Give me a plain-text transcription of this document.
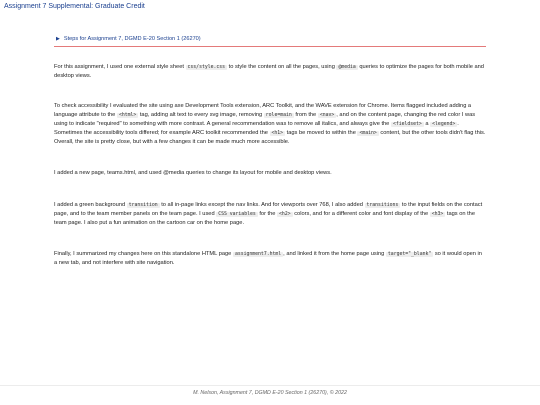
Assignment 7 Supplemental: Graduate Credit
▶ Steps for Assignment 7, DGMD E-20 Section 1 (26270)

For this assignment, I used one external style sheet css/style.css to style the content on all the pages, using @media queries to optimize the pages for both mobile and desktop views.

To check accessibility I evaluated the site using axe Development Tools extension, ARC Toolkit, and the WAVE extension for Chrome. Items flagged included adding a language attribute to the <html> tag, adding alt text to every svg image, removing role=main from the <nav> , and on the content page, changing the red color I was using to indicate "required" to something with more contrast. A general recommendation was to remove all italics, and always give the <fieldset> a <legend> . Sometimes the accessibility tools differed; for example ARC toolkit recommended the <h1> tags be moved to within the <main> content, but the other tools didn't flag this. Overall, the site is pretty close, but with a few changes it can be made much more accessible.

I added a new page, teams.html, and used @media queries to change its layout for mobile and desktop views.

I added a green background transition to all in-page links except the nav links. And for viewports over 768, I also added transitions to the input fields on the contact page, and to the team member panels on the team page. I used CSS variables for the <h2> colors, and for a different color and font display of the <h3> tags on the team page. I also put a fun animation on the cartoon car on the home page.

Finally, I summarized my changes here on this standalone HTML page assignment7.html , and linked it from the home page using target="_blank" so it would open in a new tab, and not interfere with site navigation.

M. Nelson, Assignment 7, DGMD E-20 Section 1 (26270), © 2022
